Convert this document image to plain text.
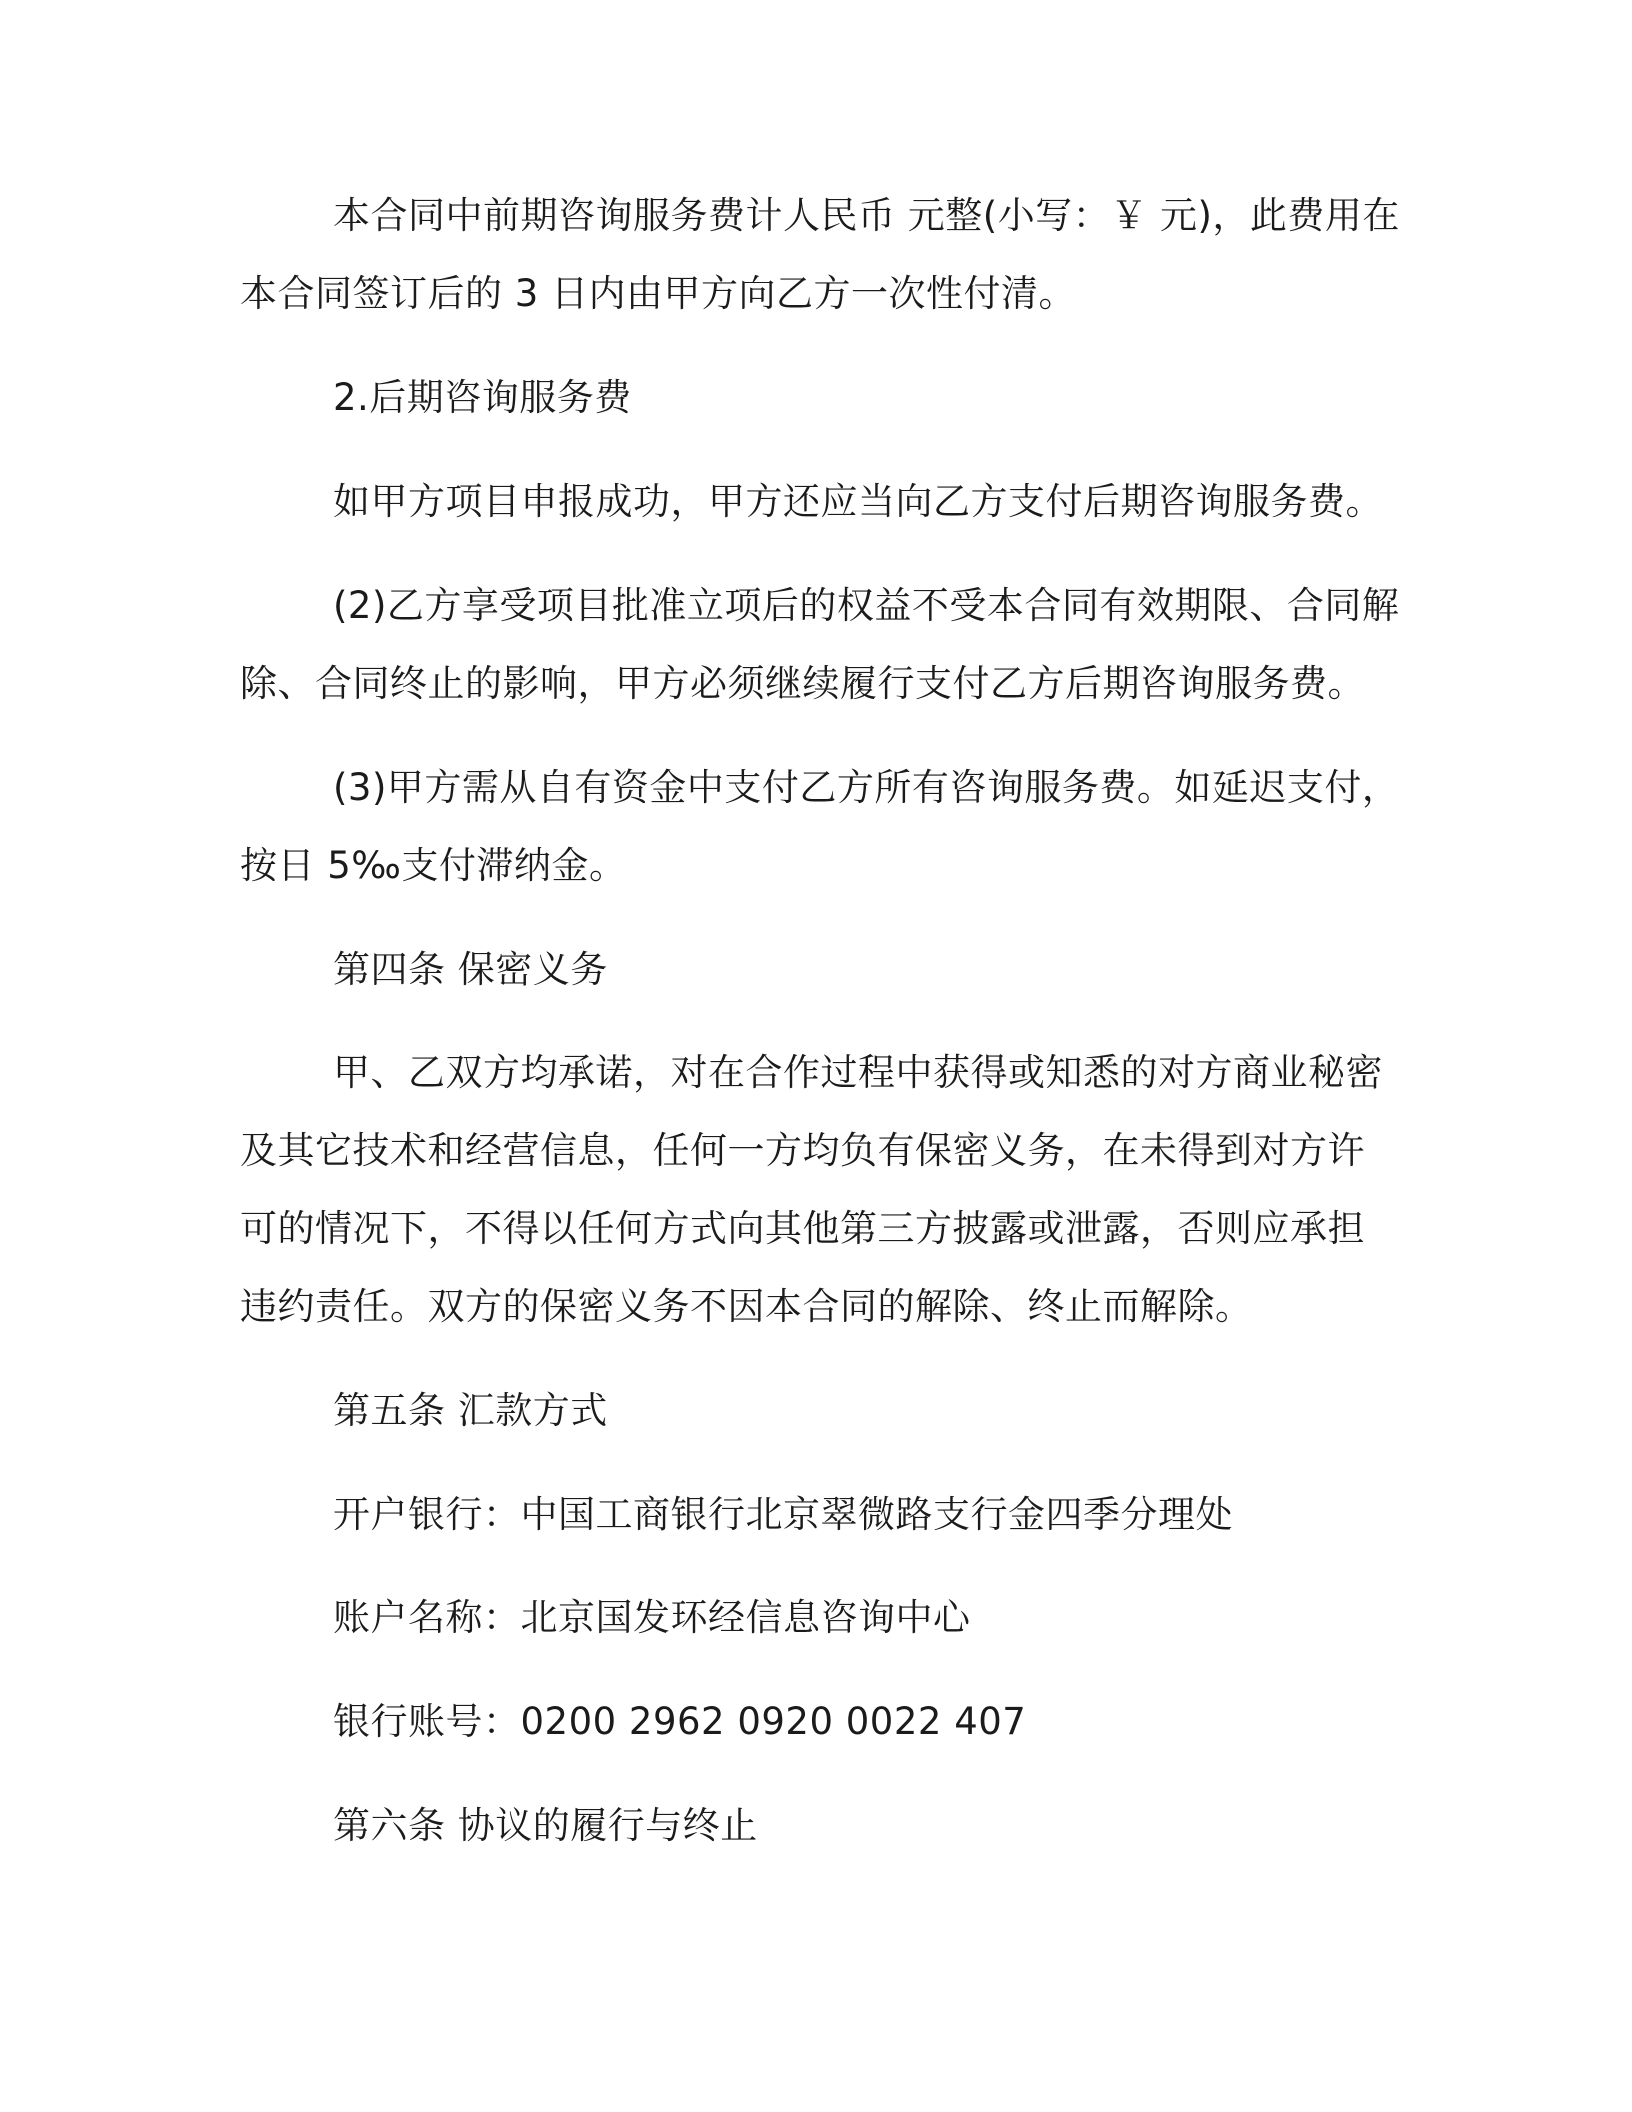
本合同中前期咨询服务费计人民币 元整(小写：￥ 元)，此费用在
本合同签订后的 3 日内由甲方向乙方一次性付清。
2.后期咨询服务费
如甲方项目申报成功，甲方还应当向乙方支付后期咨询服务费。
(2)乙方享受项目批准立项后的权益不受本合同有效期限、合同解
除、合同终止的影响，甲方必须继续履行支付乙方后期咨询服务费。
(3)甲方需从自有资金中支付乙方所有咨询服务费。如延迟支付，
按日 5‰支付滞纳金。
第四条 保密义务
甲、乙双方均承诺，对在合作过程中获得或知悉的对方商业秘密
及其它技术和经营信息，任何一方均负有保密义务，在未得到对方许
可的情况下，不得以任何方式向其他第三方披露或泄露，否则应承担
违约责任。双方的保密义务不因本合同的解除、终止而解除。
第五条 汇款方式
开户银行：中国工商银行北京翠微路支行金四季分理处
账户名称：北京国发环经信息咨询中心
银行账号：0200 2962 0920 0022 407
第六条 协议的履行与终止
